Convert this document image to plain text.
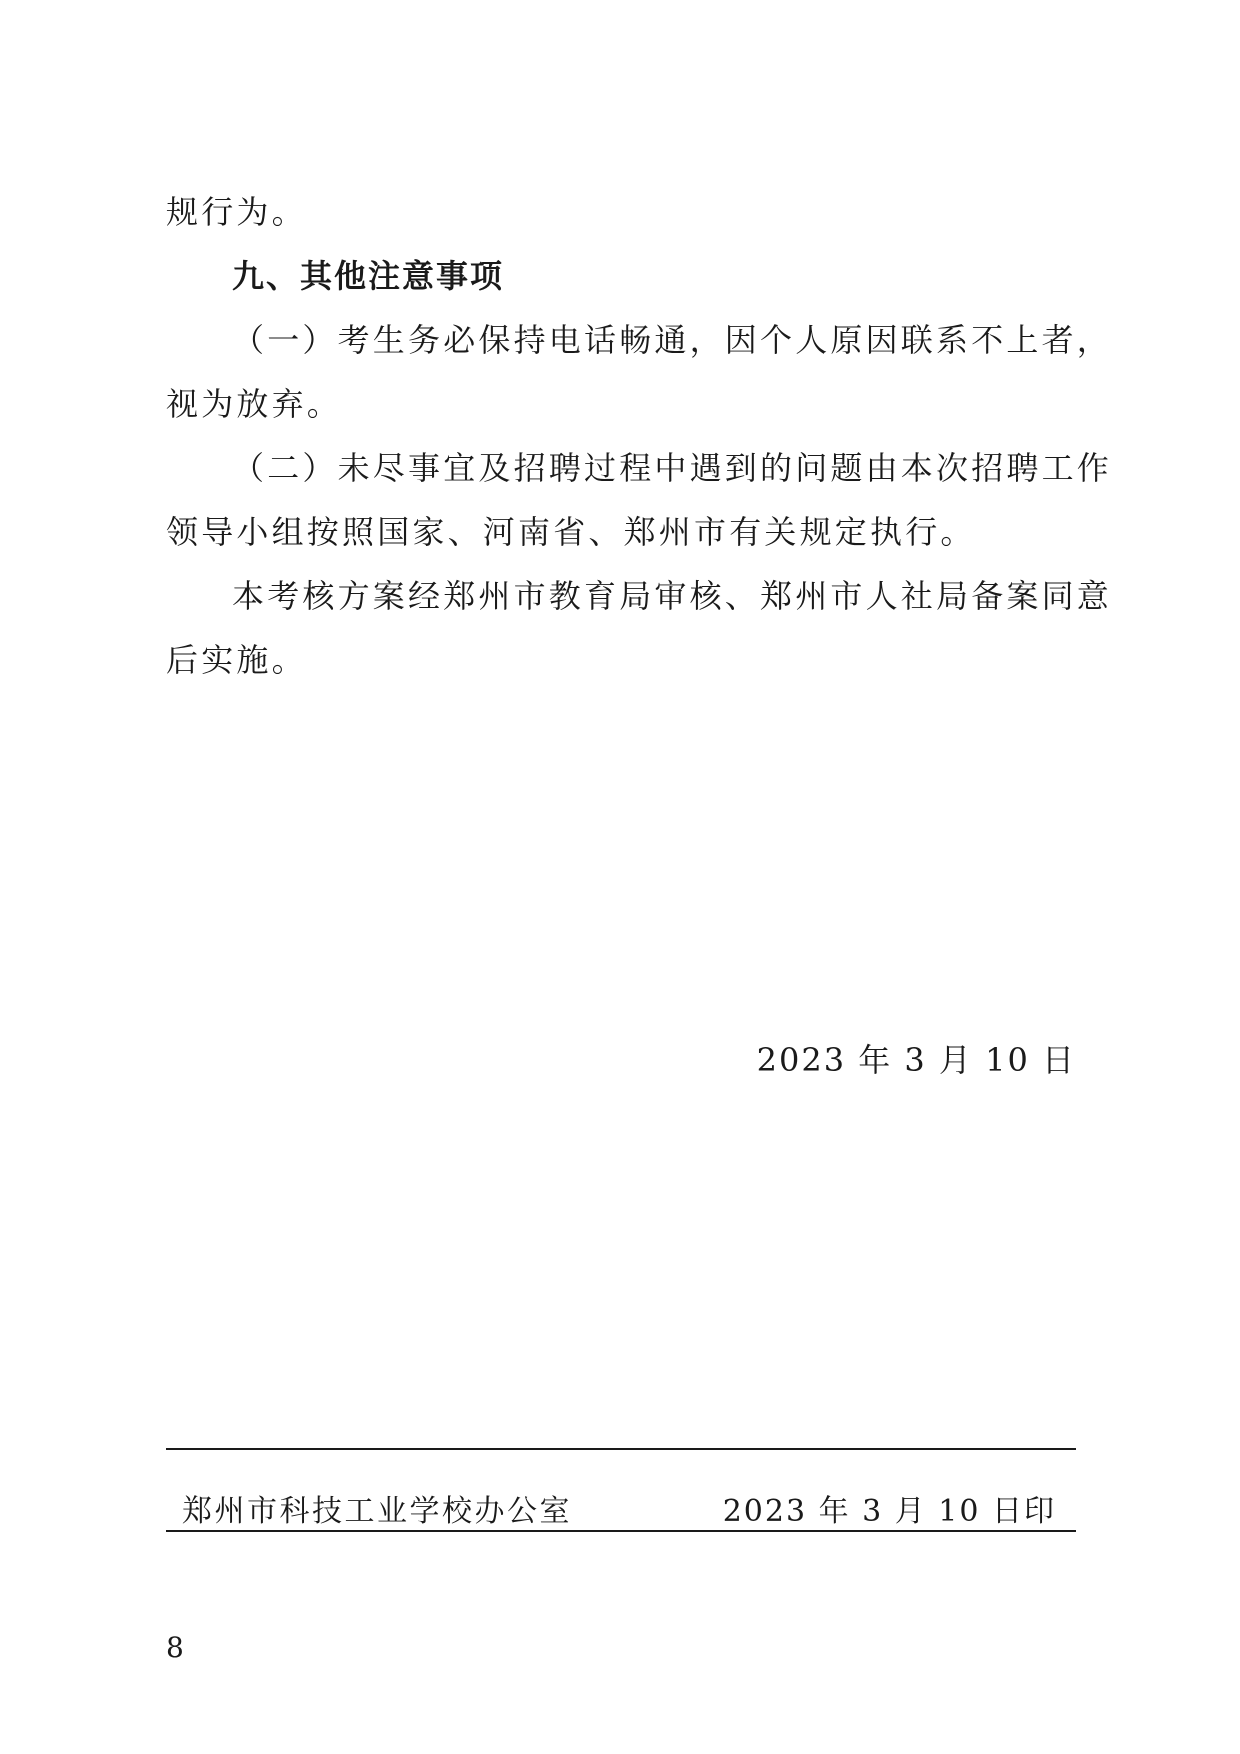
规行为。
九、其他注意事项
（一）考生务必保持电话畅通，因个人原因联系不上者，
视为放弃。
（二）未尽事宜及招聘过程中遇到的问题由本次招聘工作
领导小组按照国家、河南省、郑州市有关规定执行。
本考核方案经郑州市教育局审核、郑州市人社局备案同意
后实施。
2023 年 3 月 10 日
郑州市科技工业学校办公室	2023 年 3 月 10 日印
8
